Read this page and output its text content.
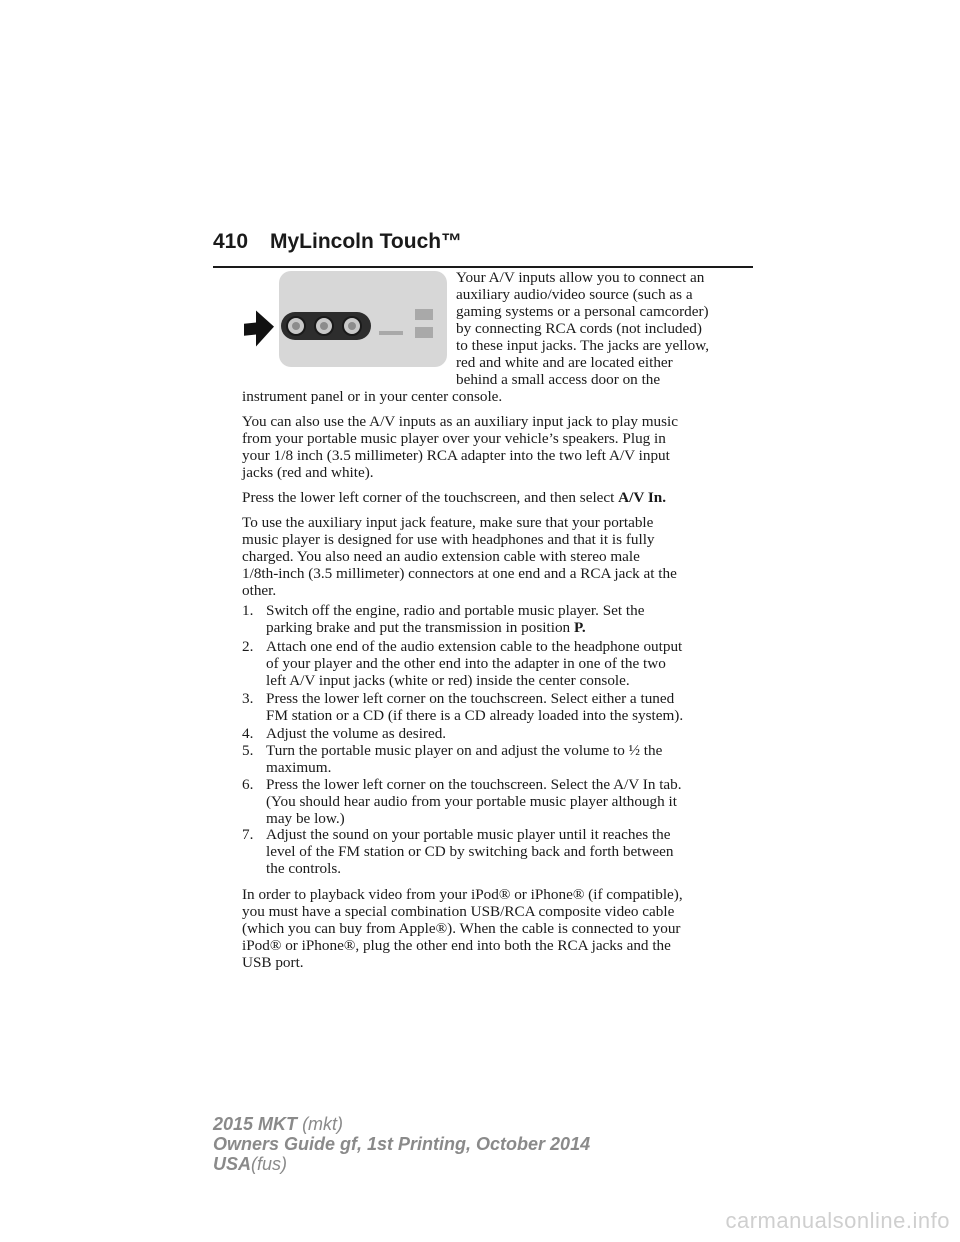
410 MyLincoln Touch™
Your A/V inputs allow you to connect an
auxiliary audio/video source (such as a
gaming systems or a personal camcorder)
by connecting RCA cords (not included)
to these input jacks. The jacks are yellow,
red and white and are located either
behind a small access door on the
instrument panel or in your center console.
You can also use the A/V inputs as an auxiliary input jack to play music
from your portable music player over your vehicle’s speakers. Plug in
your 1/8 inch (3.5 millimeter) RCA adapter into the two left A/V input
jacks (red and white).
Press the lower left corner of the touchscreen, and then select A/V In.
To use the auxiliary input jack feature, make sure that your portable
music player is designed for use with headphones and that it is fully
charged. You also need an audio extension cable with stereo male
1/8th-inch (3.5 millimeter) connectors at one end and a RCA jack at the
other.
1. Switch off the engine, radio and portable music player. Set the
parking brake and put the transmission in position P.
2. Attach one end of the audio extension cable to the headphone output
of your player and the other end into the adapter in one of the two
left A/V input jacks (white or red) inside the center console.
3. Press the lower left corner on the touchscreen. Select either a tuned
FM station or a CD (if there is a CD already loaded into the system).
4. Adjust the volume as desired.
5. Turn the portable music player on and adjust the volume to ½ the
maximum.
6. Press the lower left corner on the touchscreen. Select the A/V In tab.
(You should hear audio from your portable music player although it
may be low.)
7. Adjust the sound on your portable music player until it reaches the
level of the FM station or CD by switching back and forth between
the controls.
In order to playback video from your iPod® or iPhone® (if compatible),
you must have a special combination USB/RCA composite video cable
(which you can buy from Apple®). When the cable is connected to your
iPod® or iPhone®, plug the other end into both the RCA jacks and the
USB port.
2015 MKT (mkt)
Owners Guide gf, 1st Printing, October 2014
USA(fus)
carmanualsonline.info
